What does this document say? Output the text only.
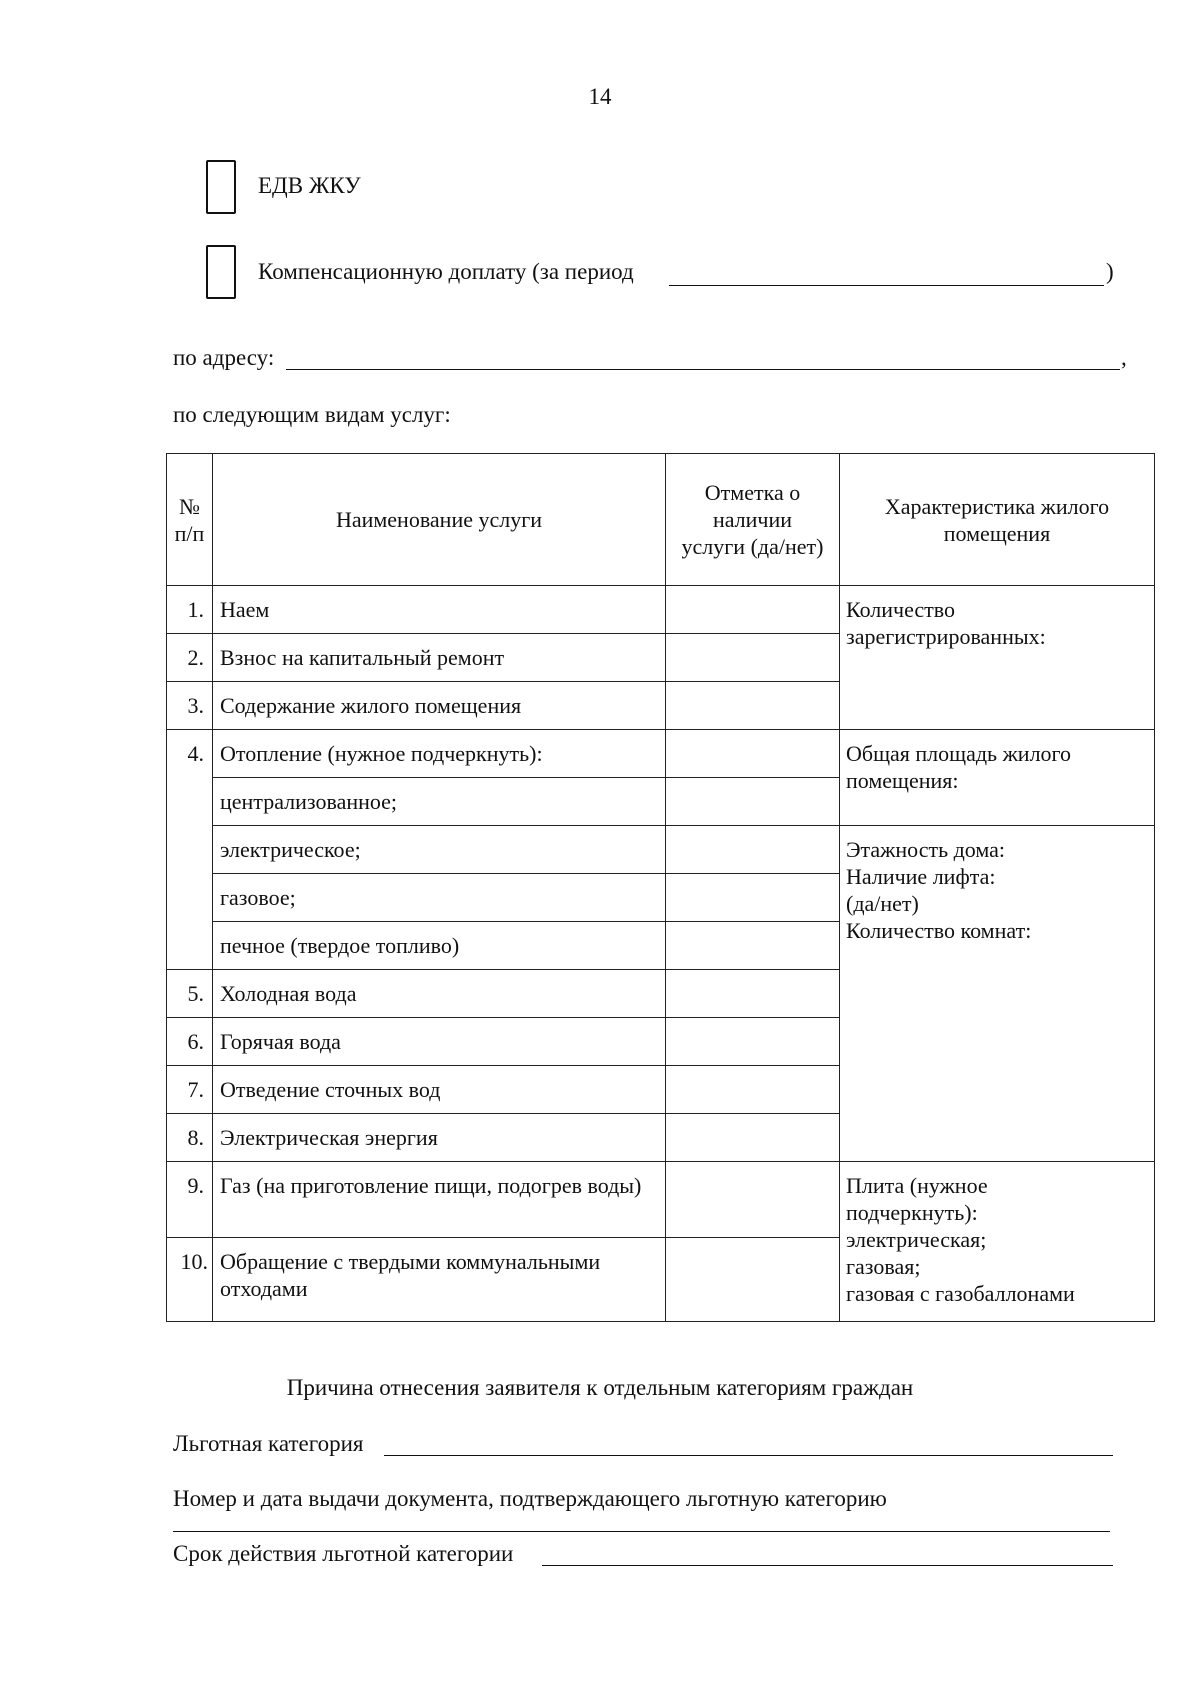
14
ЕДВ ЖКУ
Компенсационную доплату (за период	)
по адресу:	,
по следующим видам услуг:
№ п/п	Наименование услуги	Отметка о наличии услуги (да/нет)	Характеристика жилого помещения
1.	Наем		Количество зарегистрированных:
2.	Взнос на капитальный ремонт		
3.	Содержание жилого помещения		
4.	Отопление (нужное подчеркнуть):		Общая площадь жилого помещения:
	централизованное;		
	электрическое;		Этажность дома:
Наличие лифта:
(да/нет)
Количество комнат:

	газовое;		
	печное (твердое топливо)		
5.	Холодная вода		
6.	Горячая вода		
7.	Отведение сточных вод		
8.	Электрическая энергия		
9.	Газ (на приготовление пищи, подогрев воды)		Плита (нужное подчеркнуть):
электрическая;
газовая;
газовая с газобаллонами

10.	Обращение с твердыми коммунальными отходами		
Причина отнесения заявителя к отдельным категориям граждан
Льготная категория
Номер и дата выдачи документа, подтверждающего льготную категорию
Срок действия льготной категории
